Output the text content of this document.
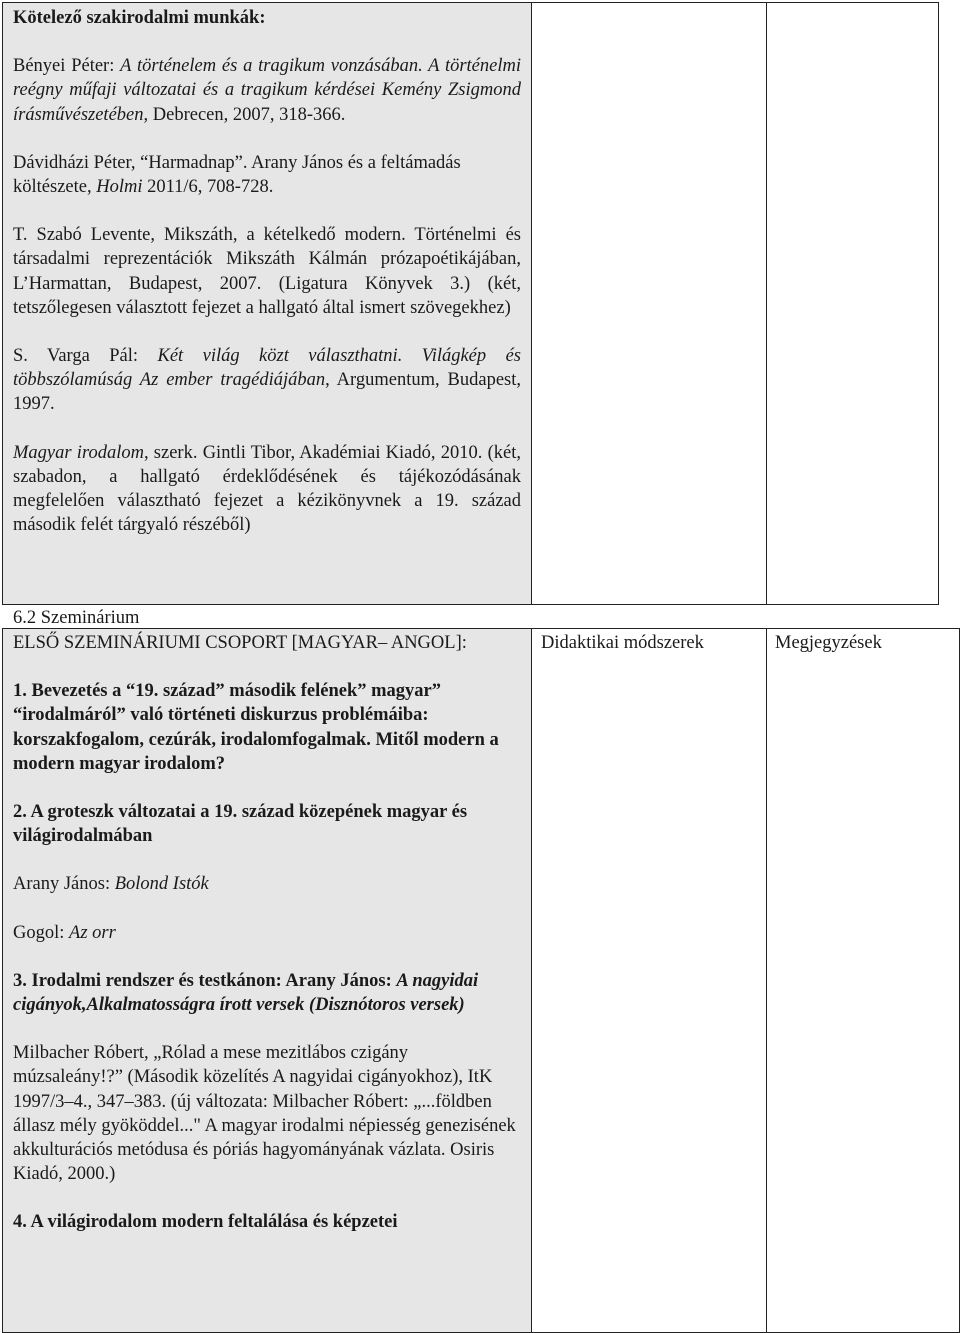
Kötelező szakirodalmi munkák:

Bényei Péter: A történelem és a tragikum vonzásában. A történelmi reégny műfaji változatai és a tragikum kérdései Kemény Zsigmond írásművészetében, Debrecen, 2007, 318-366.

Dávidházi Péter, “Harmadnap”. Arany János és a feltámadás költészete, Holmi 2011/6, 708-728.

T. Szabó Levente, Mikszáth, a kételkedő modern. Történelmi és társadalmi reprezentációk Mikszáth Kálmán prózapoétikájában, L’Harmattan, Budapest, 2007. (Ligatura Könyvek 3.) (két, tetszőlegesen választott fejezet a hallgató által ismert szövegekhez)

S. Varga Pál: Két világ közt választhatni. Világkép és többszólamúság Az ember tragédiájában, Argumentum, Budapest, 1997.

Magyar irodalom, szerk. Gintli Tibor, Akadémiai Kiadó, 2010. (két, szabadon, a hallgató érdeklődésének és tájékozódásának megfelelően választható fejezet a kézikönyvnek a 19. század második felét tárgyaló részéből)

6.2 Szeminárium

ELSŐ SZEMINÁRIUMI CSOPORT [MAGYAR– ANGOL]:

1. Bevezetés a “19. század” második felének” magyar” “irodalmáról” való történeti diskurzus problémáiba: korszakfogalom, cezúrák, irodalomfogalmak. Mitől modern a modern magyar irodalom?

2. A groteszk változatai a 19. század közepének magyar és világirodalmában

Arany János: Bolond Istók

Gogol: Az orr

3. Irodalmi rendszer és testkánon: Arany János: A nagyidai cigányok,Alkalmatosságra írott versek (Disznótoros versek)

Milbacher Róbert, „Rólad a mese mezitlábos czigány múzsaleány!?” (Második közelítés A nagyidai cigányokhoz), ItK 1997/3–4., 347–383. (új változata: Milbacher Róbert: „...földben állasz mély gyököddel..." A magyar irodalmi népiesség genezisének akkulturációs metódusa és póriás hagyományának vázlata. Osiris Kiadó, 2000.)

4. A világirodalom modern feltalálása és képzetei

Didaktikai módszerek	Megjegyzések
